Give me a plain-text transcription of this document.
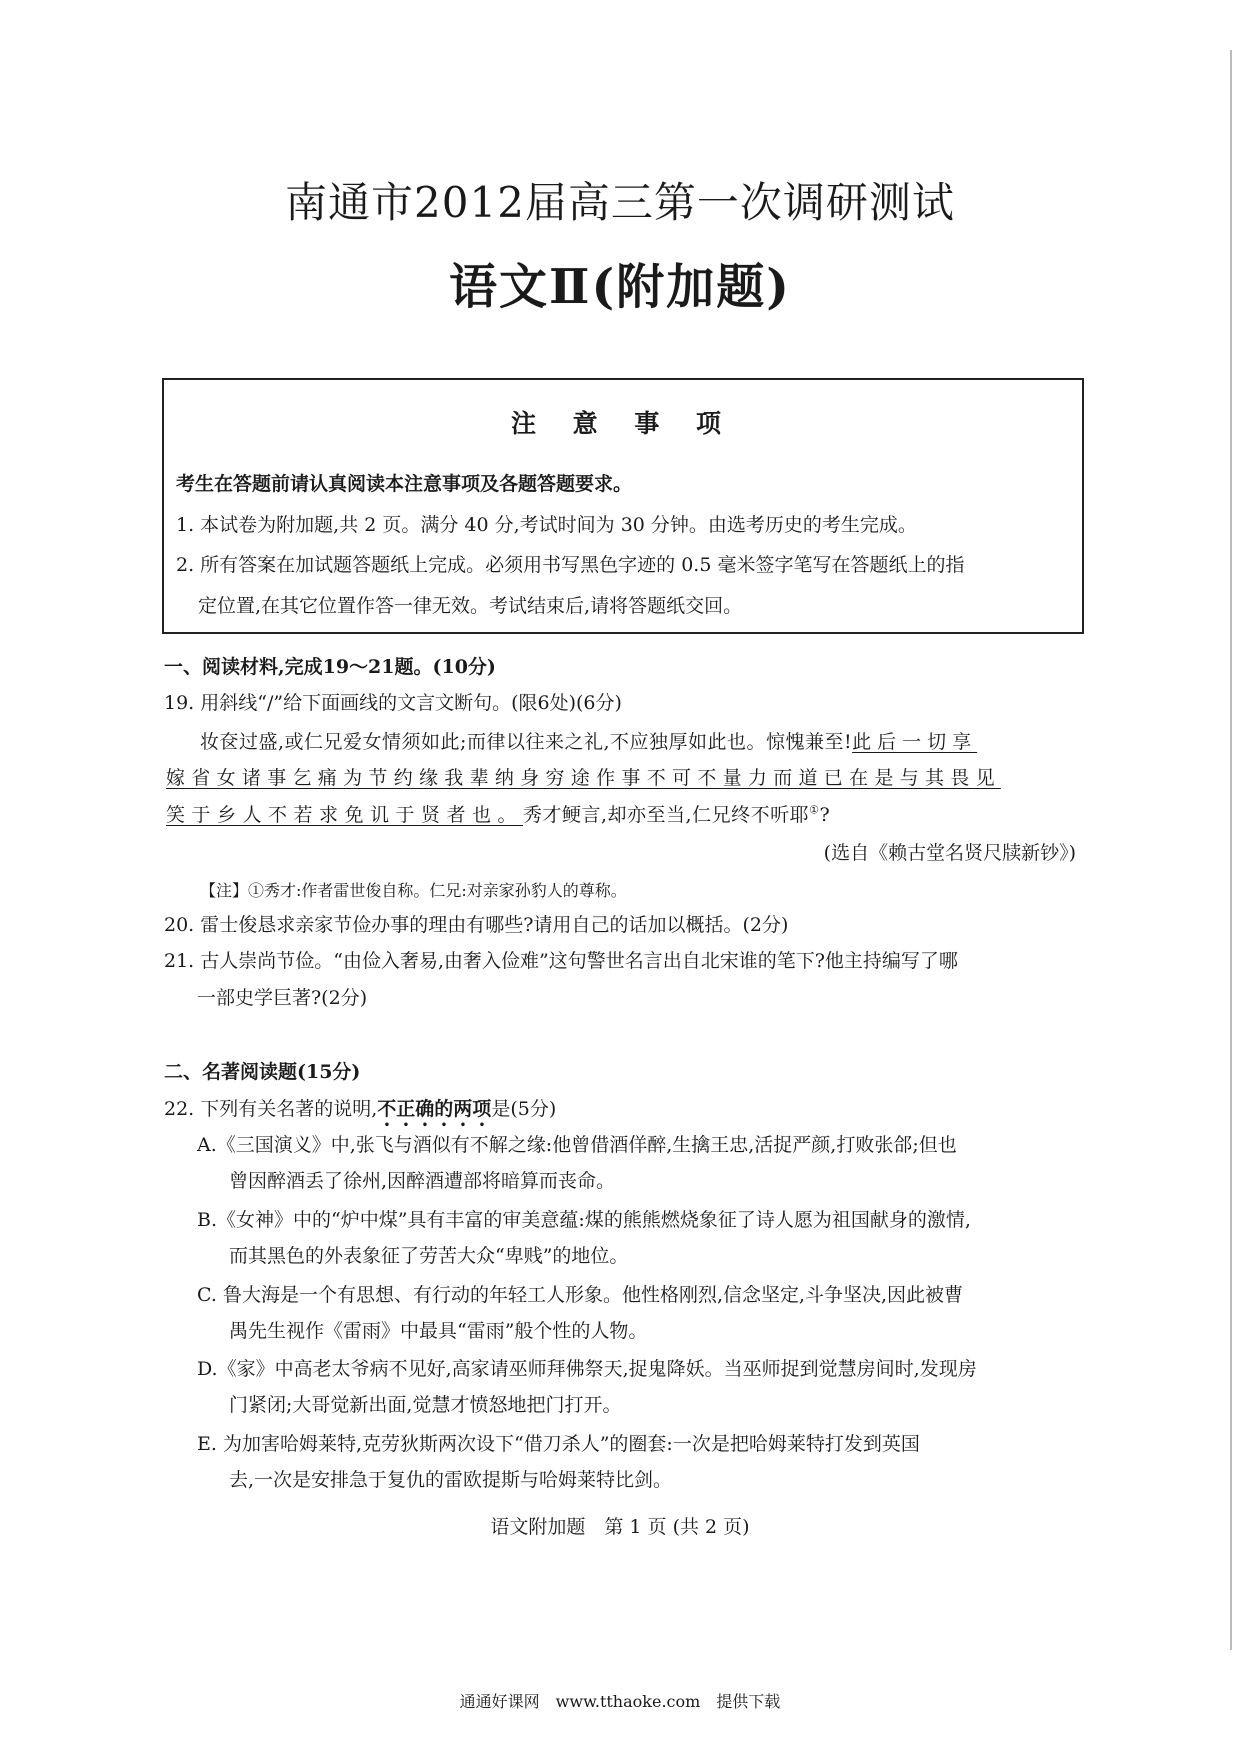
南通市2012届高三第一次调研测试
语文Ⅱ(附加题)
注 意 事 项
考生在答题前请认真阅读本注意事项及各题答题要求。
1. 本试卷为附加题,共 2 页。满分 40 分,考试时间为 30 分钟。由选考历史的考生完成。
2. 所有答案在加试题答题纸上完成。必须用书写黑色字迹的 0.5 毫米签字笔写在答题纸上的指
定位置,在其它位置作答一律无效。考试结束后,请将答题纸交回。
一、阅读材料,完成19～21题。(10分)
19. 用斜线“/”给下面画线的文言文断句。(限6处)(6分)
妆奁过盛,或仁兄爱女情须如此;而律以往来之礼,不应独厚如此也。惊愧兼至!此后一切享
嫁省女诸事乞痛为节约缘我辈纳身穷途作事不可不量力而道已在是与其畏见
笑于乡人不若求免讥于贤者也。秀才鲠言,却亦至当,仁兄终不听耶①?
(选自《赖古堂名贤尺牍新钞》)
【注】①秀才:作者雷世俊自称。仁兄:对亲家孙豹人的尊称。
20. 雷士俊恳求亲家节俭办事的理由有哪些?请用自己的话加以概括。(2分)
21. 古人崇尚节俭。“由俭入奢易,由奢入俭难”这句警世名言出自北宋谁的笔下?他主持编写了哪
一部史学巨著?(2分)
二、名著阅读题(15分)
22. 下列有关名著的说明,不正确的两项是(5分)
A.《三国演义》中,张飞与酒似有不解之缘:他曾借酒佯醉,生擒王忠,活捉严颜,打败张郃;但也
曾因醉酒丢了徐州,因醉酒遭部将暗算而丧命。
B.《女神》中的“炉中煤”具有丰富的审美意蕴:煤的熊熊燃烧象征了诗人愿为祖国献身的激情,
而其黑色的外表象征了劳苦大众“卑贱”的地位。
C. 鲁大海是一个有思想、有行动的年轻工人形象。他性格刚烈,信念坚定,斗争坚决,因此被曹
禺先生视作《雷雨》中最具“雷雨”般个性的人物。
D.《家》中高老太爷病不见好,高家请巫师拜佛祭天,捉鬼降妖。当巫师捉到觉慧房间时,发现房
门紧闭;大哥觉新出面,觉慧才愤怒地把门打开。
E. 为加害哈姆莱特,克劳狄斯两次设下“借刀杀人”的圈套:一次是把哈姆莱特打发到英国
去,一次是安排急于复仇的雷欧提斯与哈姆莱特比剑。
语文附加题　第 1 页 (共 2 页)
通通好课网　www.tthaoke.com　提供下载
